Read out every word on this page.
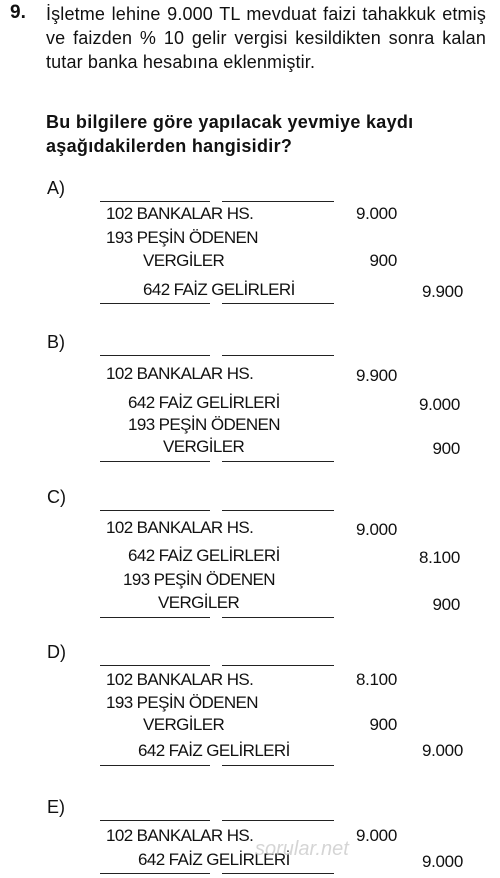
9. İşletme lehine 9.000 TL mevduat faizi tahakkuk etmiş ve faizden % 10 gelir vergisi kesildikten sonra kalan tutar banka hesabına eklenmiştir.
Bu bilgilere göre yapılacak yevmiye kaydı aşağıdakilerden hangisidir?
A)
102 BANKALAR HS.	9.000
193 PEŞİN ÖDENEN
VERGİLER	900
642 FAİZ GELİRLERİ	9.900
B)
102 BANKALAR HS.	9.900
642 FAİZ GELİRLERİ	9.000
193 PEŞİN ÖDENEN
VERGİLER	900
C)
102 BANKALAR HS.	9.000
642 FAİZ GELİRLERİ	8.100
193 PEŞİN ÖDENEN
VERGİLER	900
D)
102 BANKALAR HS.	8.100
193 PEŞİN ÖDENEN
VERGİLER	900
642 FAİZ GELİRLERİ	9.000
E)
102 BANKALAR HS.	9.000
642 FAİZ GELİRLERİ	9.000
sorular.net
